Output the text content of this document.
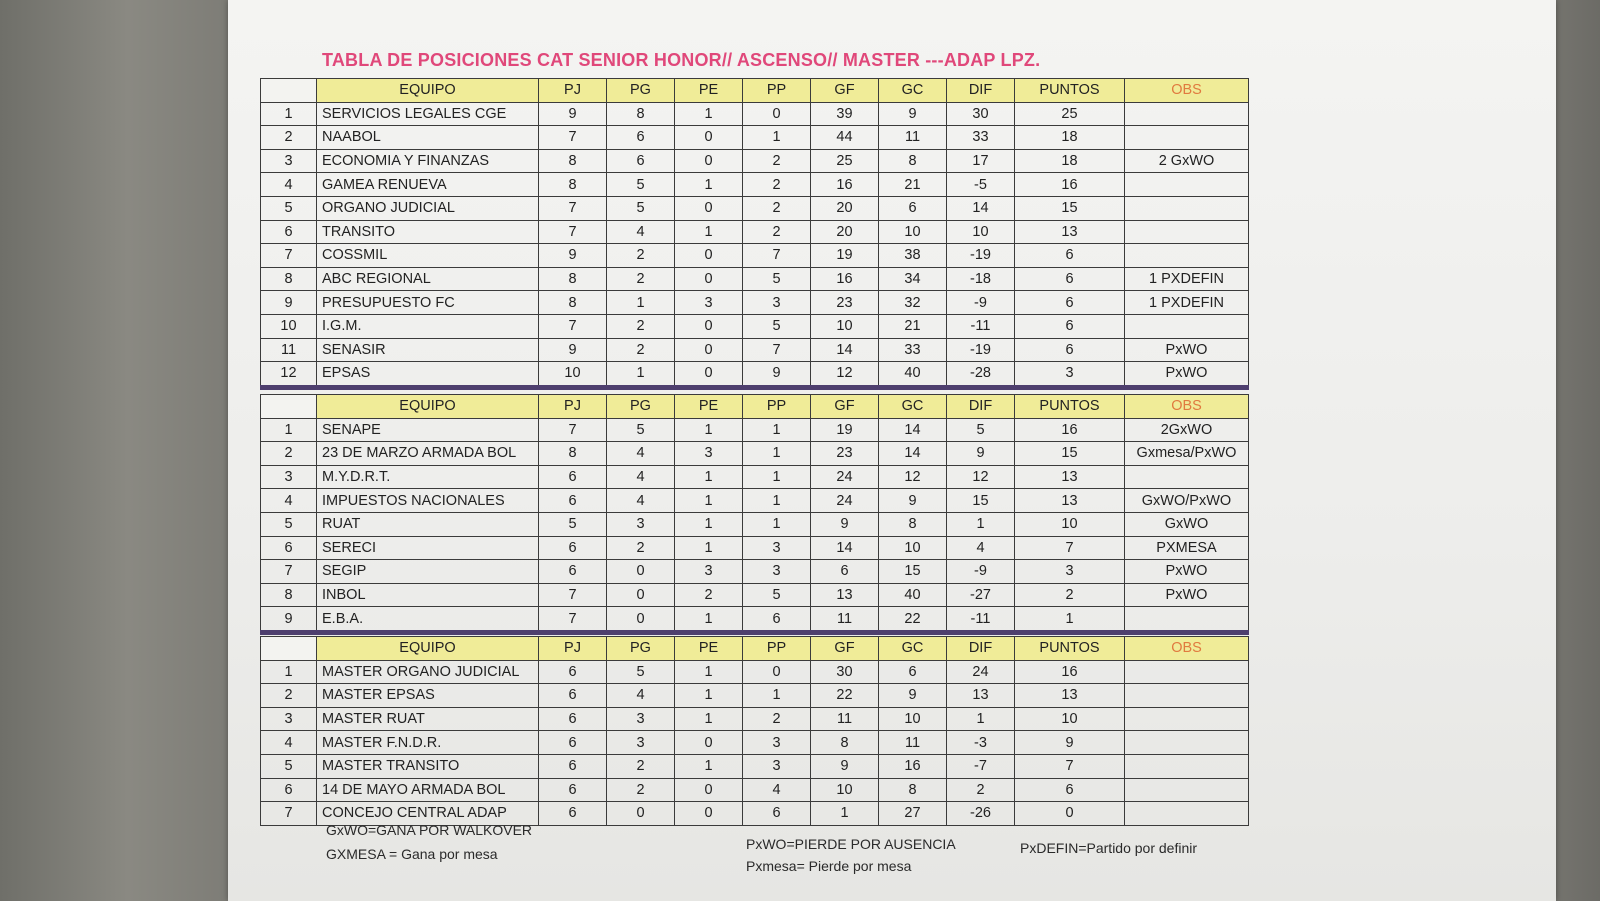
TABLA DE POSICIONES CAT SENIOR HONOR// ASCENSO// MASTER ---ADAP LPZ.
	EQUIPO	PJ	PG	PE	PP	GF	GC	DIF	PUNTOS	OBS
1	SERVICIOS LEGALES CGE	9	8	1	0	39	9	30	25	
2	NAABOL	7	6	0	1	44	11	33	18	
3	ECONOMIA Y FINANZAS	8	6	0	2	25	8	17	18	2 GxWO
4	GAMEA RENUEVA	8	5	1	2	16	21	-5	16	
5	ORGANO JUDICIAL	7	5	0	2	20	6	14	15	
6	TRANSITO	7	4	1	2	20	10	10	13	
7	COSSMIL	9	2	0	7	19	38	-19	6	
8	ABC REGIONAL	8	2	0	5	16	34	-18	6	1 PXDEFIN
9	PRESUPUESTO FC	8	1	3	3	23	32	-9	6	1 PXDEFIN
10	I.G.M.	7	2	0	5	10	21	-11	6	
11	SENASIR	9	2	0	7	14	33	-19	6	PxWO
12	EPSAS	10	1	0	9	12	40	-28	3	PxWO
	EQUIPO	PJ	PG	PE	PP	GF	GC	DIF	PUNTOS	OBS
1	SENAPE	7	5	1	1	19	14	5	16	2GxWO
2	23 DE MARZO ARMADA BOL	8	4	3	1	23	14	9	15	Gxmesa/PxWO
3	M.Y.D.R.T.	6	4	1	1	24	12	12	13	
4	IMPUESTOS NACIONALES	6	4	1	1	24	9	15	13	GxWO/PxWO
5	RUAT	5	3	1	1	9	8	1	10	GxWO
6	SERECI	6	2	1	3	14	10	4	7	PXMESA
7	SEGIP	6	0	3	3	6	15	-9	3	PxWO
8	INBOL	7	0	2	5	13	40	-27	2	PxWO
9	E.B.A.	7	0	1	6	11	22	-11	1	
	EQUIPO	PJ	PG	PE	PP	GF	GC	DIF	PUNTOS	OBS
1	MASTER ORGANO JUDICIAL	6	5	1	0	30	6	24	16	
2	MASTER EPSAS	6	4	1	1	22	9	13	13	
3	MASTER RUAT	6	3	1	2	11	10	1	10	
4	MASTER F.N.D.R.	6	3	0	3	8	11	-3	9	
5	MASTER TRANSITO	6	2	1	3	9	16	-7	7	
6	14 DE MAYO ARMADA BOL	6	2	0	4	10	8	2	6	
7	CONCEJO CENTRAL ADAP	6	0	0	6	1	27	-26	0	
GxWO=GANA POR WALKOVER
GXMESA = Gana por mesa
PxWO=PIERDE POR AUSENCIA
Pxmesa= Pierde por mesa
PxDEFIN=Partido por definir
